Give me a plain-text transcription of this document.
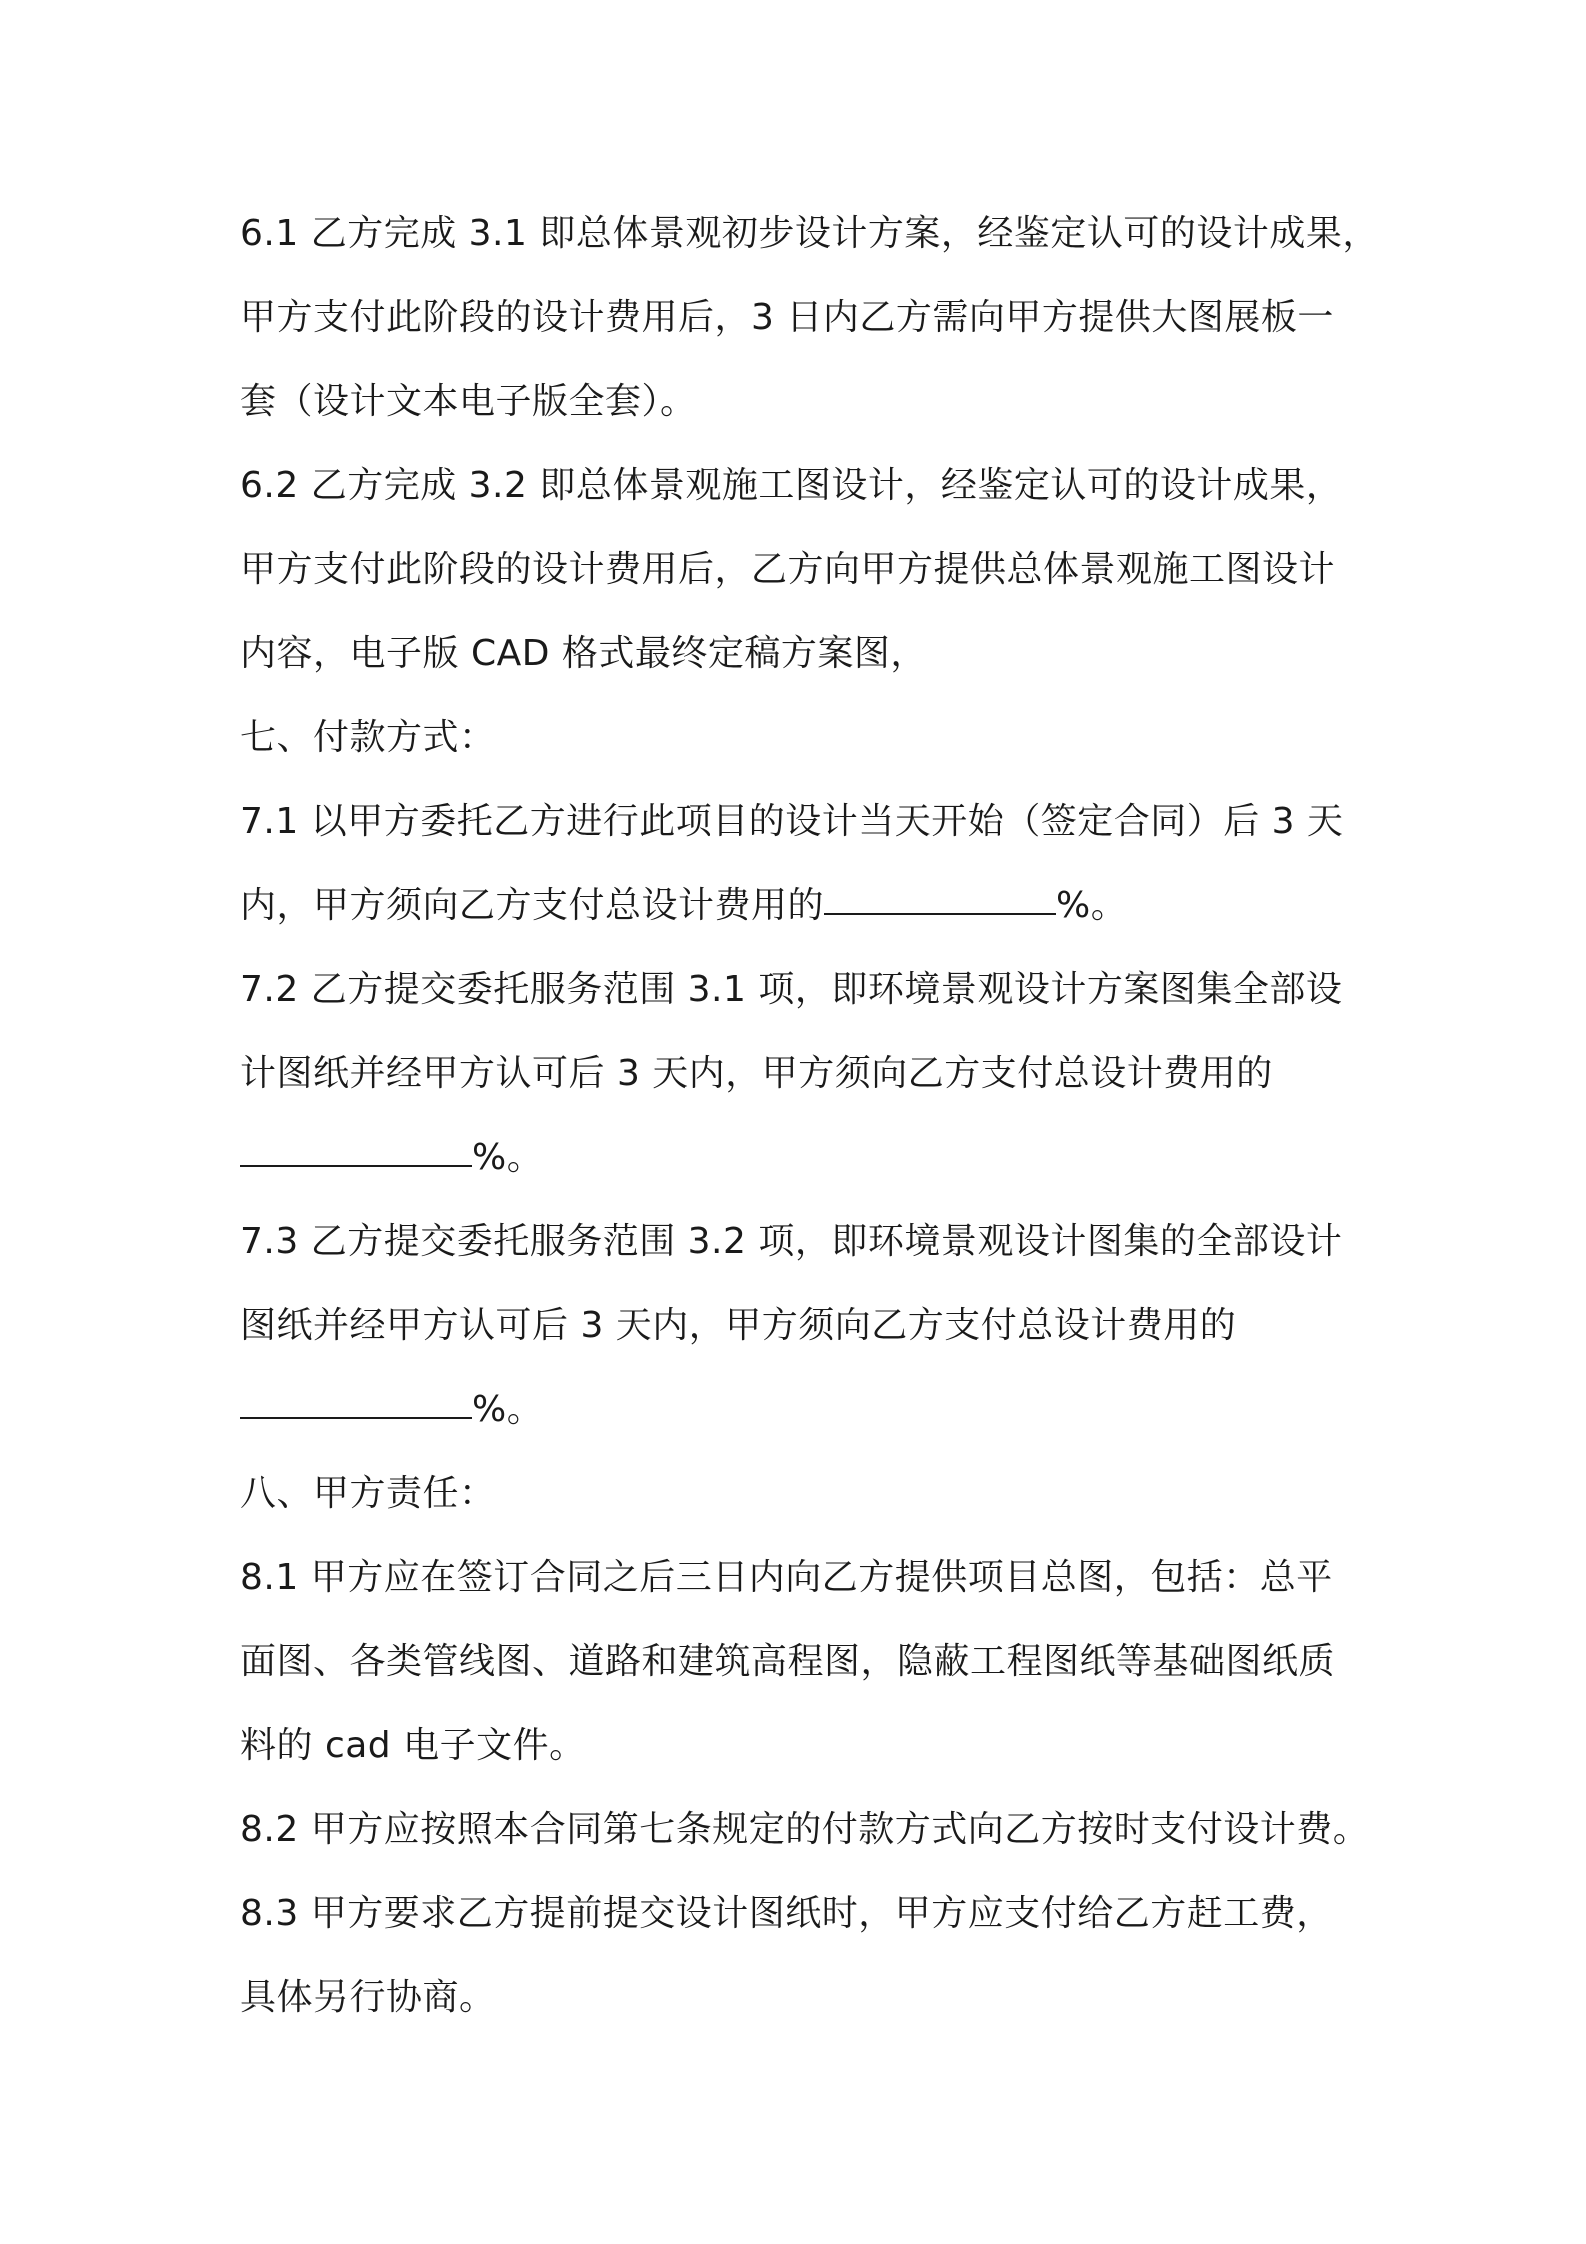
6.1 乙方完成 3.1 即总体景观初步设计方案，经鉴定认可的设计成果，
甲方支付此阶段的设计费用后，3 日内乙方需向甲方提供大图展板一
套（设计文本电子版全套）。
6.2 乙方完成 3.2 即总体景观施工图设计，经鉴定认可的设计成果，
甲方支付此阶段的设计费用后，乙方向甲方提供总体景观施工图设计
内容，电子版 CAD 格式最终定稿方案图，
七、付款方式：
7.1 以甲方委托乙方进行此项目的设计当天开始（签定合同）后 3 天
内，甲方须向乙方支付总设计费用的	%。
7.2 乙方提交委托服务范围 3.1 项，即环境景观设计方案图集全部设
计图纸并经甲方认可后 3 天内，甲方须向乙方支付总设计费用的
%。
7.3 乙方提交委托服务范围 3.2 项，即环境景观设计图集的全部设计
图纸并经甲方认可后 3 天内，甲方须向乙方支付总设计费用的
%。
八、甲方责任：
8.1 甲方应在签订合同之后三日内向乙方提供项目总图，包括：总平
面图、各类管线图、道路和建筑高程图，隐蔽工程图纸等基础图纸质
料的 cad 电子文件。
8.2 甲方应按照本合同第七条规定的付款方式向乙方按时支付设计费。
8.3 甲方要求乙方提前提交设计图纸时，甲方应支付给乙方赶工费，
具体另行协商。
